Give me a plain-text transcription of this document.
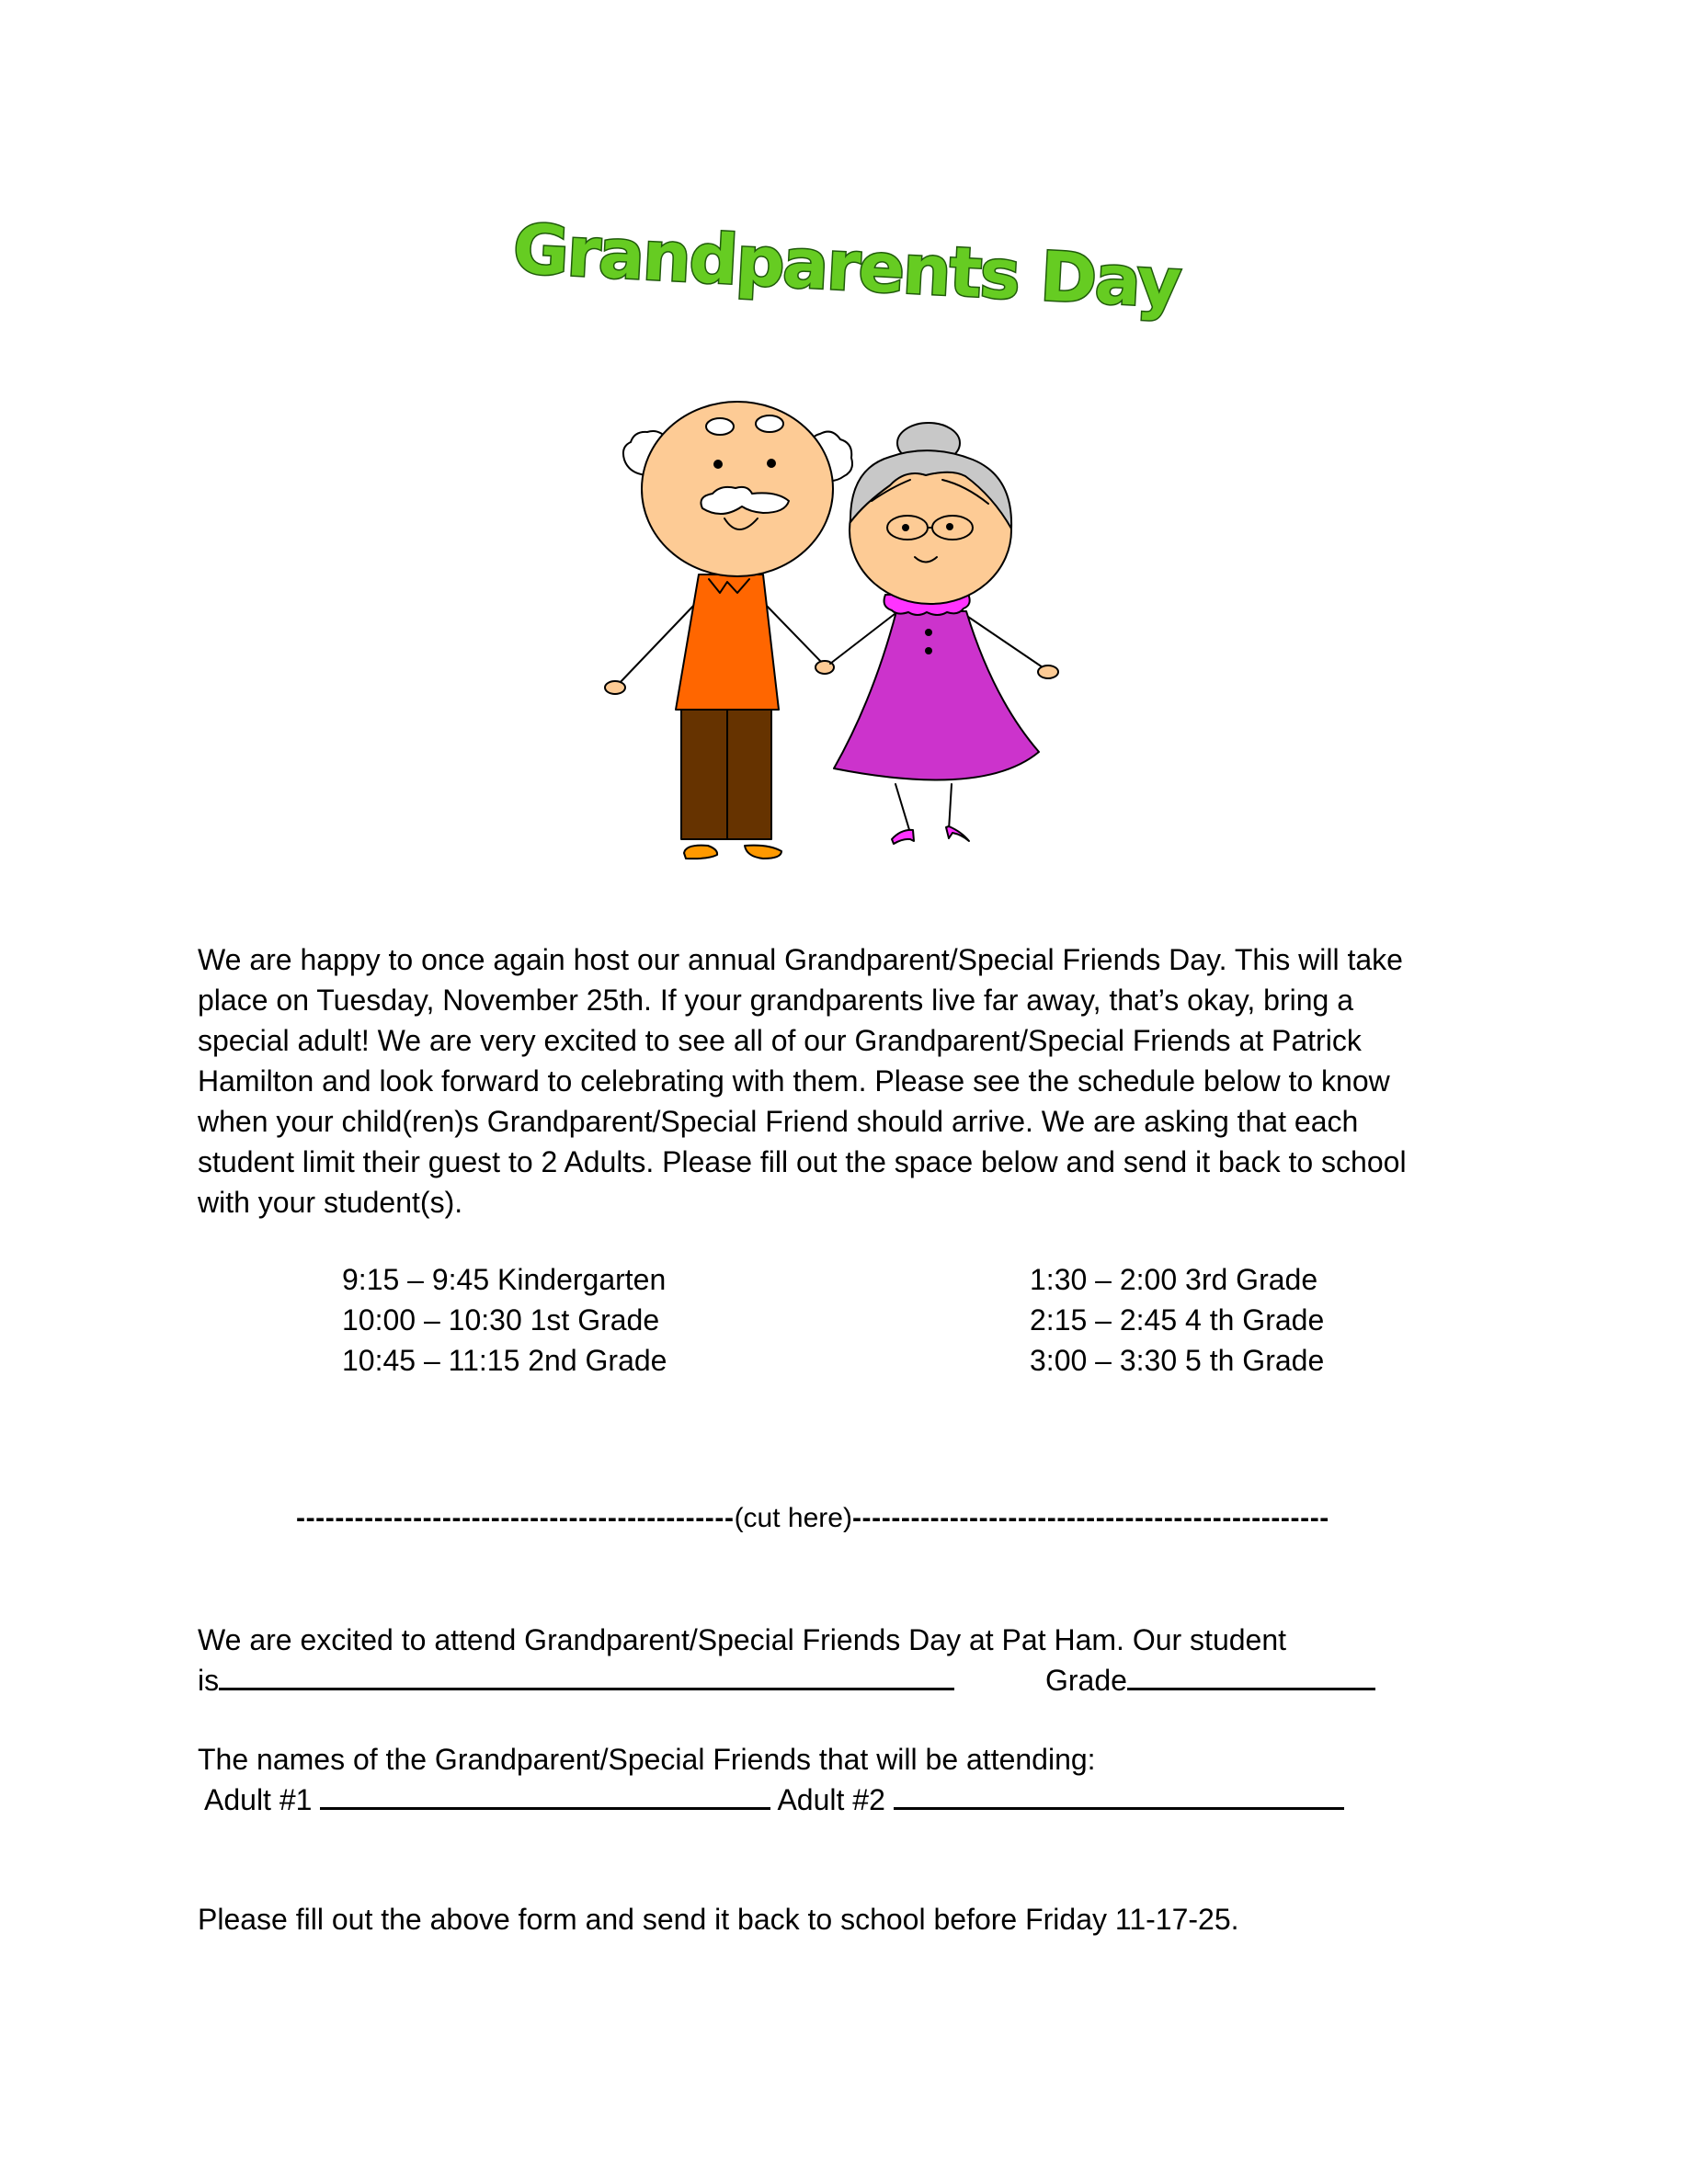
Grandparents Day
We are happy to once again host our annual Grandparent/Special Friends Day. This will take
place on Tuesday, November 25th. If your grandparents live far away, that’s okay, bring a
special adult! We are very excited to see all of our Grandparent/Special Friends at Patrick
Hamilton and look forward to celebrating with them. Please see the schedule below to know
when your child(ren)s Grandparent/Special Friend should arrive. We are asking that each
student limit their guest to 2 Adults. Please fill out the space below and send it back to school
with your student(s).
9:15 – 9:45 Kindergarten
10:00 – 10:30 1st Grade
10:45 – 11:15 2nd Grade
1:30 – 2:00 3rd Grade
2:15 – 2:45 4 th Grade
3:00 – 3:30 5 th Grade
---------------------------------------------(cut here)-------------------------------------------------
We are excited to attend Grandparent/Special Friends Day at Pat Ham. Our student
is	Grade
The names of the Grandparent/Special Friends that will be attending:
Adult #1	Adult #2
Please fill out the above form and send it back to school before Friday 11-17-25.
